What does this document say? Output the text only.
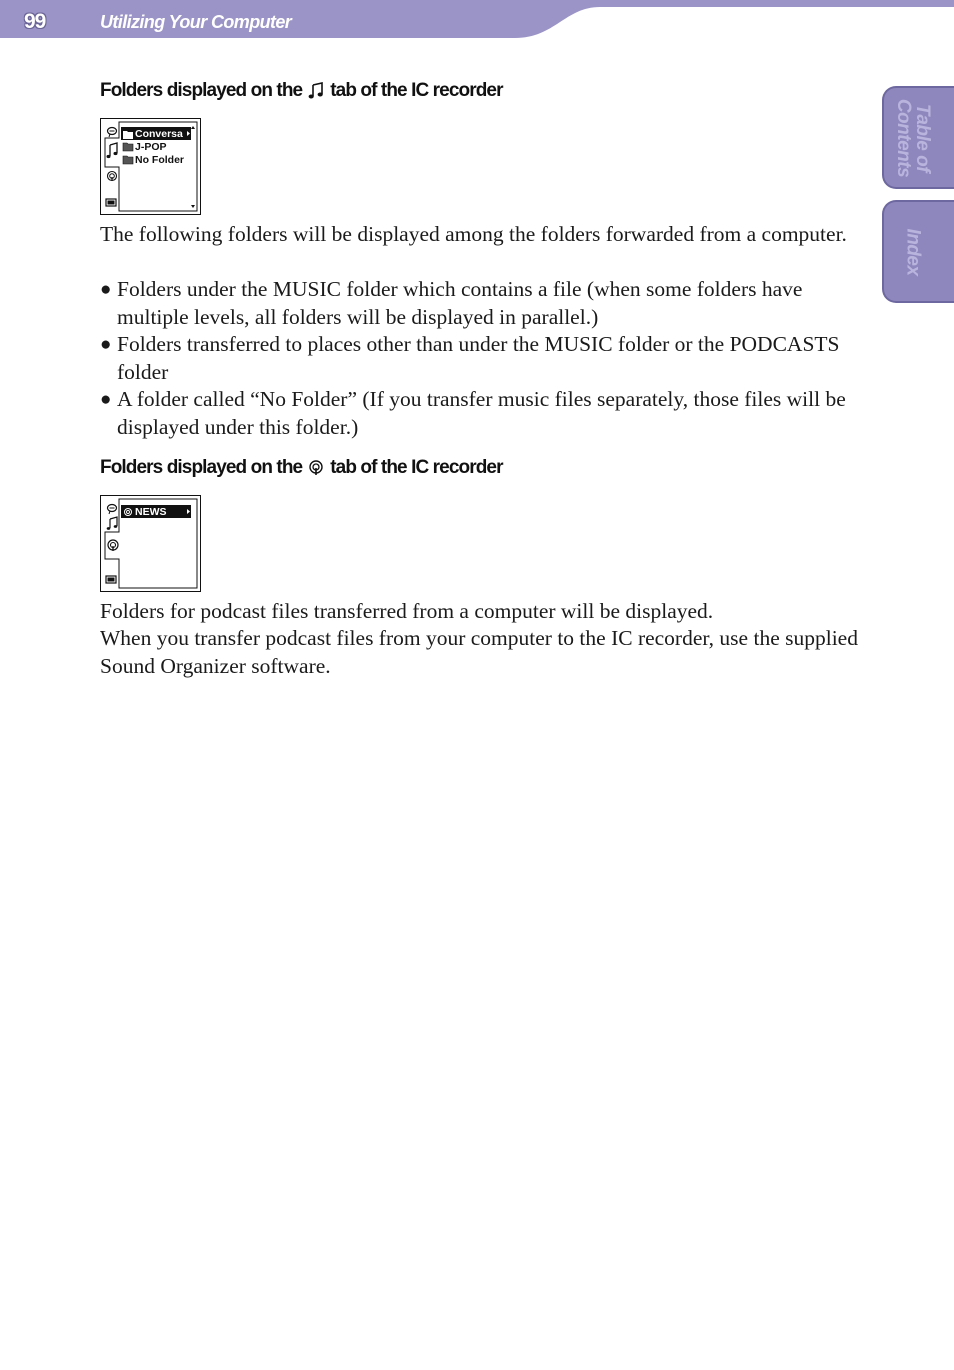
99	Utilizing Your Computer
Table of
Contents
Index
Folders displayed on the tab of the IC recorder
Conversa
J-POP
No Folder
The following folders will be displayed among the folders forwarded from a computer.
● Folders under the MUSIC folder which contains a file (when some folders have multiple levels, all folders will be displayed in parallel.)
● Folders transferred to places other than under the MUSIC folder or the PODCASTS folder
● A folder called “No Folder” (If you transfer music files separately, those files will be displayed under this folder.)
Folders displayed on the tab of the IC recorder
NEWS
Folders for podcast files transferred from a computer will be displayed.
When you transfer podcast files from your computer to the IC recorder, use the supplied Sound Organizer software.
